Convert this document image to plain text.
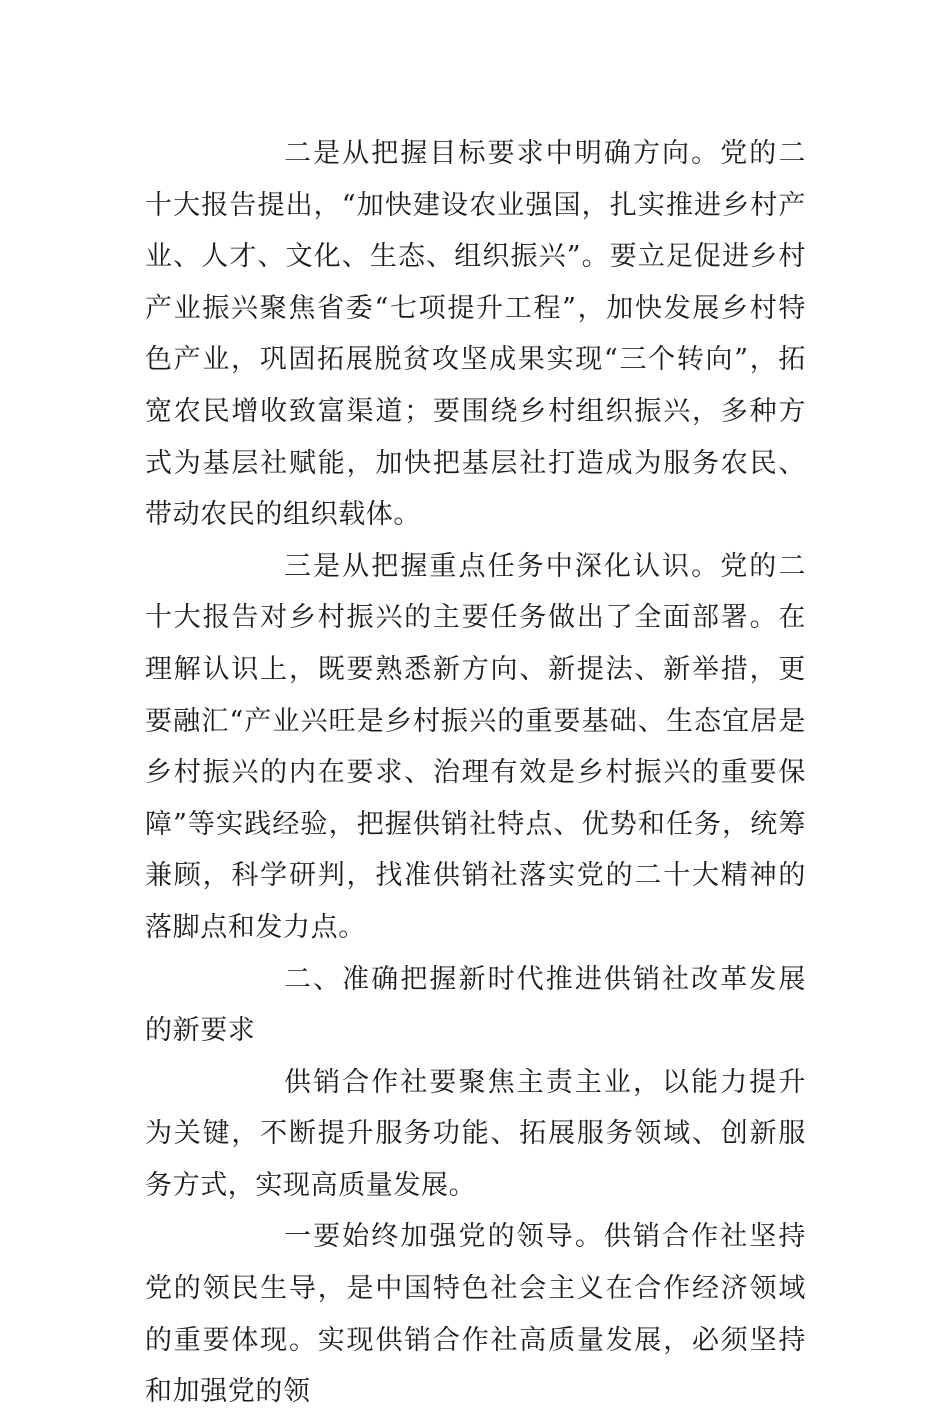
二是从把握目标要求中明确方向。党的二十大报告提出，“加快建设农业强国，扎实推进乡村产业、人才、文化、生态、组织振兴”。要立足促进乡村产业振兴聚焦省委“七项提升工程”，加快发展乡村特色产业，巩固拓展脱贫攻坚成果实现“三个转向”，拓宽农民增收致富渠道；要围绕乡村组织振兴，多种方式为基层社赋能，加快把基层社打造成为服务农民、带动农民的组织载体。

三是从把握重点任务中深化认识。党的二十大报告对乡村振兴的主要任务做出了全面部署。在理解认识上，既要熟悉新方向、新提法、新举措，更要融汇“产业兴旺是乡村振兴的重要基础、生态宜居是乡村振兴的内在要求、治理有效是乡村振兴的重要保障”等实践经验，把握供销社特点、优势和任务，统筹兼顾，科学研判，找准供销社落实党的二十大精神的落脚点和发力点。

二、准确把握新时代推进供销社改革发展的新要求

供销合作社要聚焦主责主业，以能力提升为关键，不断提升服务功能、拓展服务领域、创新服务方式，实现高质量发展。

一要始终加强党的领导。供销合作社坚持党的领民生导，是中国特色社会主义在合作经济领域的重要体现。实现供销合作社高质量发展，必须坚持和加强党的领
